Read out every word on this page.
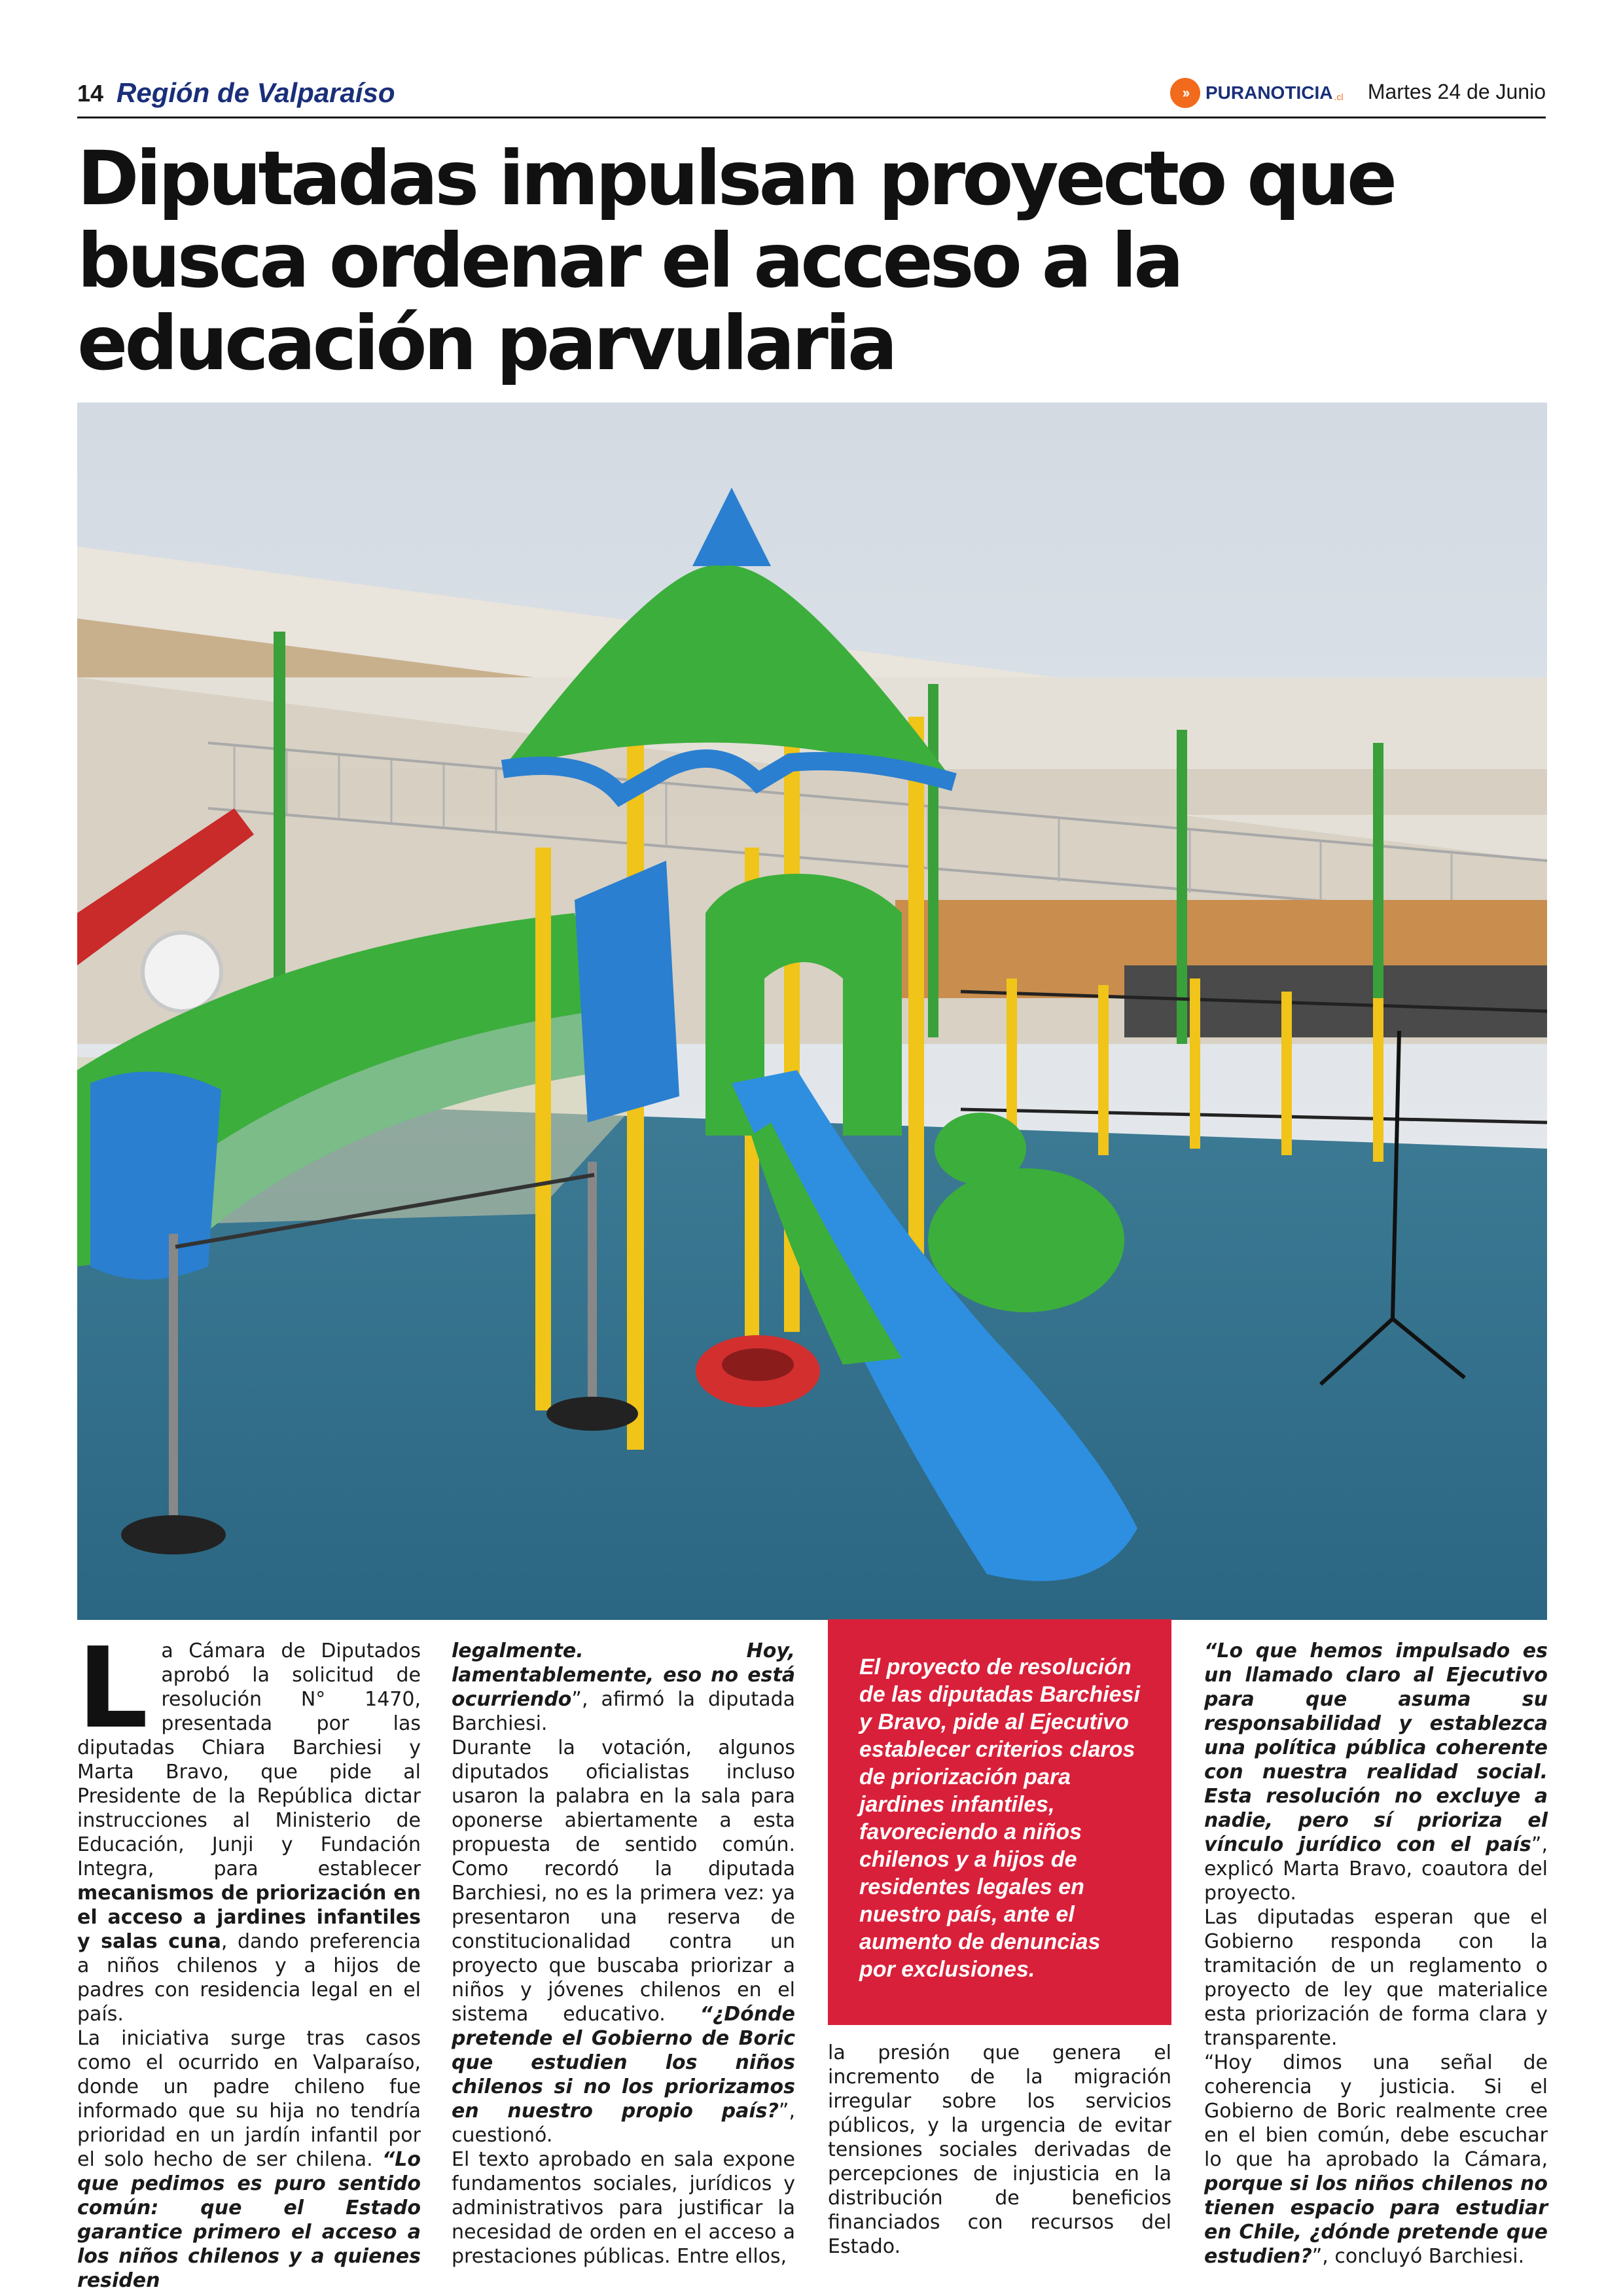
14 Región de Valparaíso	›› PURANOTICIA .cl Martes 24 de Junio
Diputadas impulsan proyecto que busca ordenar el acceso a la educación parvularia
L a Cámara de Diputados aprobó la solicitud de resolución N° 1470, presentada por las diputadas Chiara Barchiesi y Marta Bravo, que pide al Presidente de la República dictar instrucciones al Ministerio de Educación, Junji y Fundación Integra, para establecer mecanismos de priorización en el acceso a jardines infantiles y salas cuna, dando preferencia a niños chilenos y a hijos de padres con residencia legal en el país.

La iniciativa surge tras casos como el ocurrido en Valparaíso, donde un padre chileno fue informado que su hija no tendría prioridad en un jardín infantil por el solo hecho de ser chilena. “Lo que pedimos es puro sentido común: que el Estado garantice primero el acceso a los niños chilenos y a quienes residen

legalmente. Hoy, lamentablemente, eso no está ocurriendo”, afirmó la diputada Barchiesi.

Durante la votación, algunos diputados oficialistas incluso usaron la palabra en la sala para oponerse abiertamente a esta propuesta de sentido común. Como recordó la diputada Barchiesi, no es la primera vez: ya presentaron una reserva de constitucionalidad contra un proyecto que buscaba priorizar a niños y jóvenes chilenos en el sistema educativo. “¿Dónde pretende el Gobierno de Boric que estudien los niños chilenos si no los priorizamos en nuestro propio país?”, cuestionó.

El texto aprobado en sala expone fundamentos sociales, jurídicos y administrativos para justificar la necesidad de orden en el acceso a prestaciones públicas. Entre ellos,

El proyecto de resolución de las diputadas Barchiesi y Bravo, pide al Ejecutivo establecer criterios claros de priorización para jardines infantiles, favoreciendo a niños chilenos y a hijos de residentes legales en nuestro país, ante el aumento de denuncias por exclusiones.

la presión que genera el incremento de la migración irregular sobre los servicios públicos, y la urgencia de evitar tensiones sociales derivadas de percepciones de injusticia en la distribución de beneficios financiados con recursos del Estado.

“Lo que hemos impulsado es un llamado claro al Ejecutivo para que asuma su responsabilidad y establezca una política pública coherente con nuestra realidad social. Esta resolución no excluye a nadie, pero sí prioriza el vínculo jurídico con el país”, explicó Marta Bravo, coautora del proyecto.

Las diputadas esperan que el Gobierno responda con la tramitación de un reglamento o proyecto de ley que materialice esta priorización de forma clara y transparente.

“Hoy dimos una señal de coherencia y justicia. Si el Gobierno de Boric realmente cree en el bien común, debe escuchar lo que ha aprobado la Cámara, porque si los niños chilenos no tienen espacio para estudiar en Chile, ¿dónde pretende que estudien?”, concluyó Barchiesi.
